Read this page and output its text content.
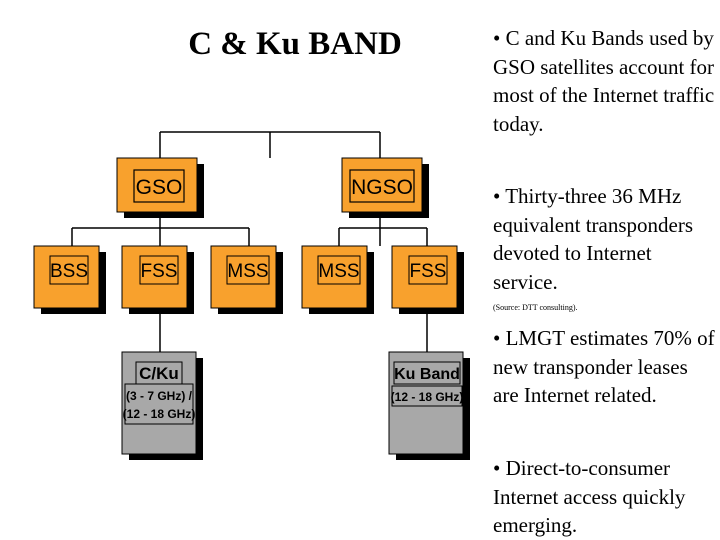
C & Ku BAND
GSO	NGSO
BSS	FSS	MSS	MSS	FSS
C/Ku
(3 - 7 GHz) /
(12 - 18 GHz)
Ku Band
(12 - 18 GHz)

• C and Ku Bands used by GSO satellites account for most of the Internet traffic today.

• Thirty-three 36 MHz equivalent transponders devoted to Internet service.

(Source: DTT consulting).

• LMGT estimates 70% of new transponder leases are Internet related.

• Direct-to-consumer Internet access quickly emerging.
